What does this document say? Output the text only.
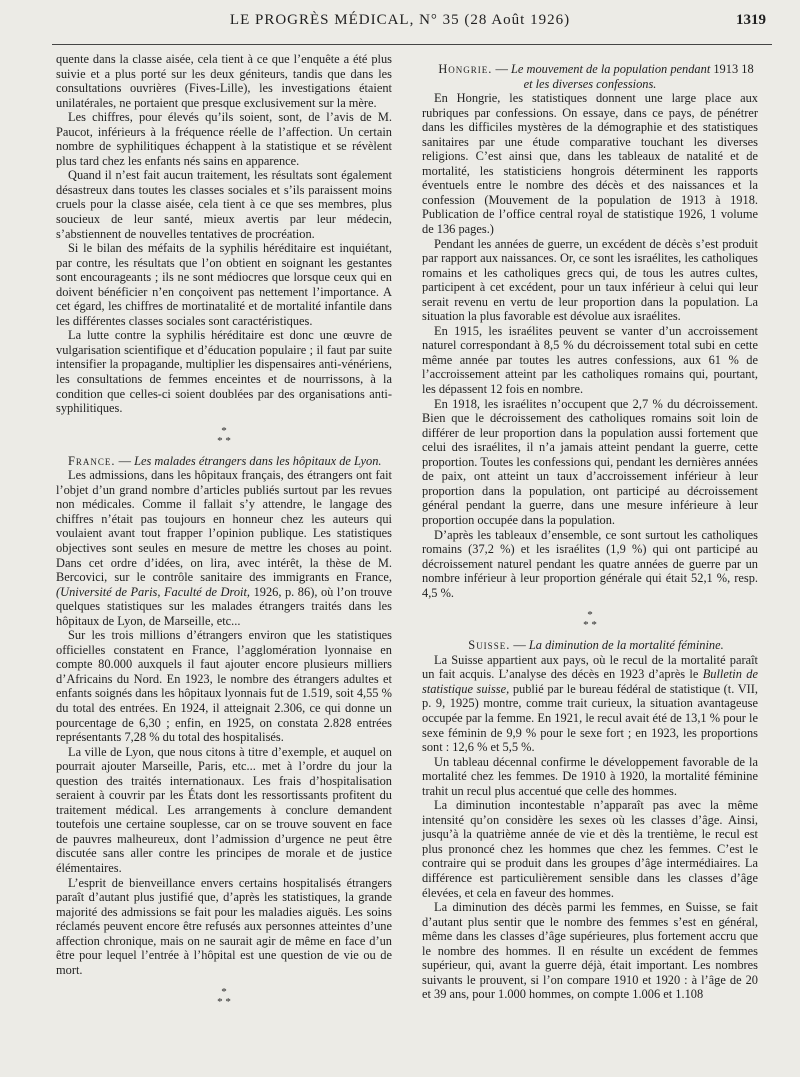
LE PROGRÈS MÉDICAL, N° 35 (28 Août 1926)	1319

quente dans la classe aisée, cela tient à ce que l’enquête a été plus suivie et a plus porté sur les deux géniteurs, tandis que dans les consultations ouvrières (Fives-Lille), les investigations étaient unilatérales, ne portaient que presque exclusivement sur la mère.

Les chiffres, pour élevés qu’ils soient, sont, de l’avis de M. Paucot, inférieurs à la fréquence réelle de l’affection. Un certain nombre de syphilitiques échappent à la statistique et se révèlent plus tard chez les enfants nés sains en apparence.

Quand il n’est fait aucun traitement, les résultats sont également désastreux dans toutes les classes sociales et s’ils paraissent moins cruels pour la classe aisée, cela tient à ce que ses membres, plus soucieux de leur santé, mieux avertis par leur médecin, s’abstiennent de nouvelles tentatives de procréation.

Si le bilan des méfaits de la syphilis héréditaire est inquiétant, par contre, les résultats que l’on obtient en soignant les gestantes sont encourageants ; ils ne sont médiocres que lorsque ceux qui en doivent bénéficier n’en conçoivent pas nettement l’importance. A cet égard, les chiffres de mortinatalité et de mortalité infantile dans les différentes classes sociales sont caractéristiques.

La lutte contre la syphilis héréditaire est donc une œuvre de vulgarisation scientifique et d’éducation populaire ; il faut par suite intensifier la propagande, multiplier les dispensaires anti-vénériens, les consultations de femmes enceintes et de nourrissons, à la condition que celles-ci soient doublées par des organisations anti-syphilitiques.

*
* *

France. — Les malades étrangers dans les hôpitaux de Lyon.

Les admissions, dans les hôpitaux français, des étrangers ont fait l’objet d’un grand nombre d’articles publiés surtout par les revues non médicales. Comme il fallait s’y attendre, le langage des chiffres n’était pas toujours en honneur chez les auteurs qui voulaient avant tout frapper l’opinion publique. Les statistiques objectives sont seules en mesure de mettre les choses au point. Dans cet ordre d’idées, on lira, avec intérêt, la thèse de M. Bercovici, sur le contrôle sanitaire des immigrants en France, (Université de Paris, Faculté de Droit, 1926, p. 86), où l’on trouve quelques statistiques sur les malades étrangers traités dans les hôpitaux de Lyon, de Marseille, etc...

Sur les trois millions d’étrangers environ que les statistiques officielles constatent en France, l’agglomération lyonnaise en compte 80.000 auxquels il faut ajouter encore plusieurs milliers d’Africains du Nord. En 1923, le nombre des étrangers adultes et enfants soignés dans les hôpitaux lyonnais fut de 1.519, soit 4,55 % du total des entrées. En 1924, il atteignait 2.306, ce qui donne un pourcentage de 6,30 ; enfin, en 1925, on constata 2.828 entrées représentants 7,28 % du total des hospitalisés.

La ville de Lyon, que nous citons à titre d’exemple, et auquel on pourrait ajouter Marseille, Paris, etc... met à l’ordre du jour la question des traités internationaux. Les frais d’hospitalisation seraient à couvrir par les États dont les ressortissants profitent du traitement médical. Les arrangements à conclure demandent toutefois une certaine souplesse, car on se trouve souvent en face de pauvres malheureux, dont l’admission d’urgence ne peut être discutée sans aller contre les principes de morale et de justice élémentaires.

L’esprit de bienveillance envers certains hospitalisés étrangers paraît d’autant plus justifié que, d’après les statistiques, la grande majorité des admissions se fait pour les maladies aiguës. Les soins réclamés peuvent encore être refusés aux personnes atteintes d’une affection chronique, mais on ne saurait agir de même en face d’un être pour lequel l’entrée à l’hôpital est une question de vie ou de mort.

*
* *

Hongrie. — Le mouvement de la population pendant 1913 18
et les diverses confessions.

En Hongrie, les statistiques donnent une large place aux rubriques par confessions. On essaye, dans ce pays, de pénétrer dans les difficiles mystères de la démographie et des statistiques sanitaires par une étude comparative touchant les diverses religions. C’est ainsi que, dans les tableaux de natalité et de mortalité, les statisticiens hongrois déterminent les rapports éventuels entre le nombre des décès et des naissances et la confession (Mouvement de la population de 1913 à 1918. Publication de l’office central royal de statistique 1926, 1 volume de 136 pages.)

Pendant les années de guerre, un excédent de décès s’est produit par rapport aux naissances. Or, ce sont les israélites, les catholiques romains et les catholiques grecs qui, de tous les autres cultes, participent à cet excédent, pour un taux inférieur à celui qui leur serait revenu en vertu de leur proportion dans la population. La situation la plus favorable est dévolue aux israélites.

En 1915, les israélites peuvent se vanter d’un accroissement naturel correspondant à 8,5 % du décroissement total subi en cette même année par toutes les autres confessions, aux 61 % de l’accroissement atteint par les catholiques romains qui, pourtant, les dépassent 12 fois en nombre.

En 1918, les israélites n’occupent que 2,7 % du décroissement. Bien que le décroissement des catholiques romains soit loin de différer de leur proportion dans la population aussi fortement que celui des israélites, il n’a jamais atteint pendant la guerre, cette proportion. Toutes les confessions qui, pendant les dernières années de paix, ont atteint un taux d’accroissement inférieur à leur proportion dans la population, ont participé au décroissement général pendant la guerre, dans une mesure inférieure à leur proportion occupée dans la population.

D’après les tableaux d’ensemble, ce sont surtout les catholiques romains (37,2 %) et les israélites (1,9 %) qui ont participé au décroissement naturel pendant les quatre années de guerre par un nombre inférieur à leur proportion générale qui était 52,1 %, resp. 4,5 %.

*
* *

Suisse. — La diminution de la mortalité féminine.

La Suisse appartient aux pays, où le recul de la mortalité paraît un fait acquis. L’analyse des décès en 1923 d’après le Bulletin de statistique suisse, publié par le bureau fédéral de statistique (t. VII, p. 9, 1925) montre, comme trait curieux, la situation avantageuse occupée par la femme. En 1921, le recul avait été de 13,1 % pour le sexe féminin de 9,9 % pour le sexe fort ; en 1923, les proportions sont : 12,6 % et 5,5 %.

Un tableau décennal confirme le développement favorable de la mortalité chez les femmes. De 1910 à 1920, la mortalité féminine trahit un recul plus accentué que celle des hommes.

La diminution incontestable n’apparaît pas avec la même intensité qu’on considère les sexes où les classes d’âge. Ainsi, jusqu’à la quatrième année de vie et dès la trentième, le recul est plus prononcé chez les hommes que chez les femmes. C’est le contraire qui se produit dans les groupes d’âge intermédiaires. La différence est particulièrement sensible dans les classes d’âge élevées, et cela en faveur des hommes.

La diminution des décès parmi les femmes, en Suisse, se fait d’autant plus sentir que le nombre des femmes s’est en général, même dans les classes d’âge supérieures, plus fortement accru que le nombre des hommes. Il en résulte un excédent de femmes supérieur, qui, avant la guerre déjà, était important. Les nombres suivants le prouvent, si l’on compare 1910 et 1920 : à l’âge de 20 et 39 ans, pour 1.000 hommes, on compte 1.006 et 1.108
